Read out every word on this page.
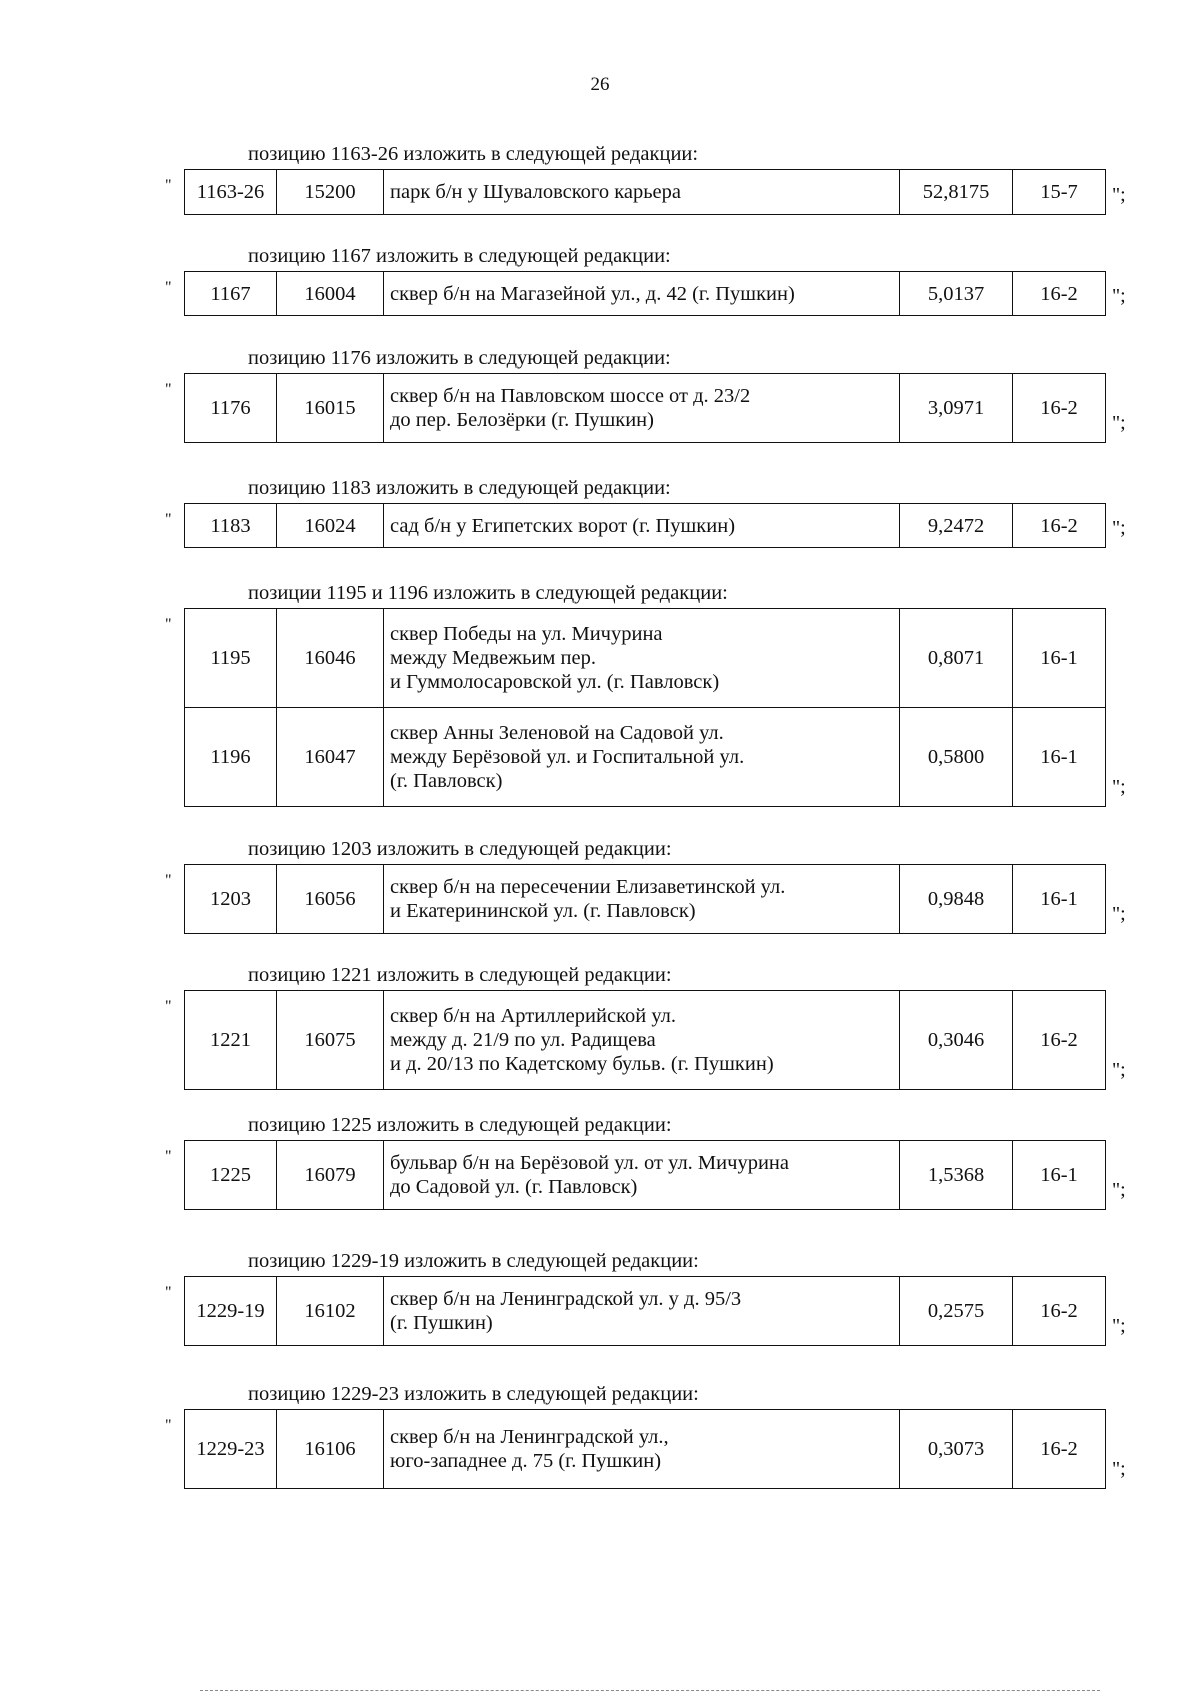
26
позицию 1163-26 изложить в следующей редакции:
" 1163-26	15200	парк б/н у Шуваловского карьера	52,8175	15-7 ";
позицию 1167 изложить в следующей редакции:
" 1167	16004	сквер б/н на Магазейной ул., д. 42 (г. Пушкин)	5,0137	16-2 ";
позицию 1176 изложить в следующей редакции:
"
1176	16015	
сквер б/н на Павловском шоссе от д. 23/2
до пер. Белозёрки (г. Пушкин)
	3,0971	16-2
";
позицию 1183 изложить в следующей редакции:
" 1183	16024	сад б/н у Египетских ворот (г. Пушкин)	9,2472	16-2 ";
позиции 1195 и 1196 изложить в следующей редакции:
"
1195	16046	сквер Победы на ул. Мичурина
между Медвежьим пер.
и Гуммолосаровской ул. (г. Павловск)	0,8071	16-1
1196	16047	сквер Анны Зеленовой на Садовой ул.
между Берёзовой ул. и Госпитальной ул.
(г. Павловск)	0,5800	16-1
";
позицию 1203 изложить в следующей редакции:
"
1203	16056	
сквер б/н на пересечении Елизаветинской ул.
и Екатерининской ул. (г. Павловск)
	0,9848	16-1
";
позицию 1221 изложить в следующей редакции:
"
1221	16075	
сквер б/н на Артиллерийской ул.
между д. 21/9 по ул. Радищева
и д. 20/13 по Кадетскому бульв. (г. Пушкин)
	0,3046	16-2
";
позицию 1225 изложить в следующей редакции:
"
1225	16079	
бульвар б/н на Берёзовой ул. от ул. Мичурина
до Садовой ул. (г. Павловск)
	1,5368	16-1
";
позицию 1229-19 изложить в следующей редакции:
"
1229-19	16102	
сквер б/н на Ленинградской ул. у д. 95/3
(г. Пушкин)
	0,2575	16-2
";
позицию 1229-23 изложить в следующей редакции:
"
1229-23	16106	
сквер б/н на Ленинградской ул.,
юго-западнее д. 75 (г. Пушкин)
	0,3073	16-2
";
